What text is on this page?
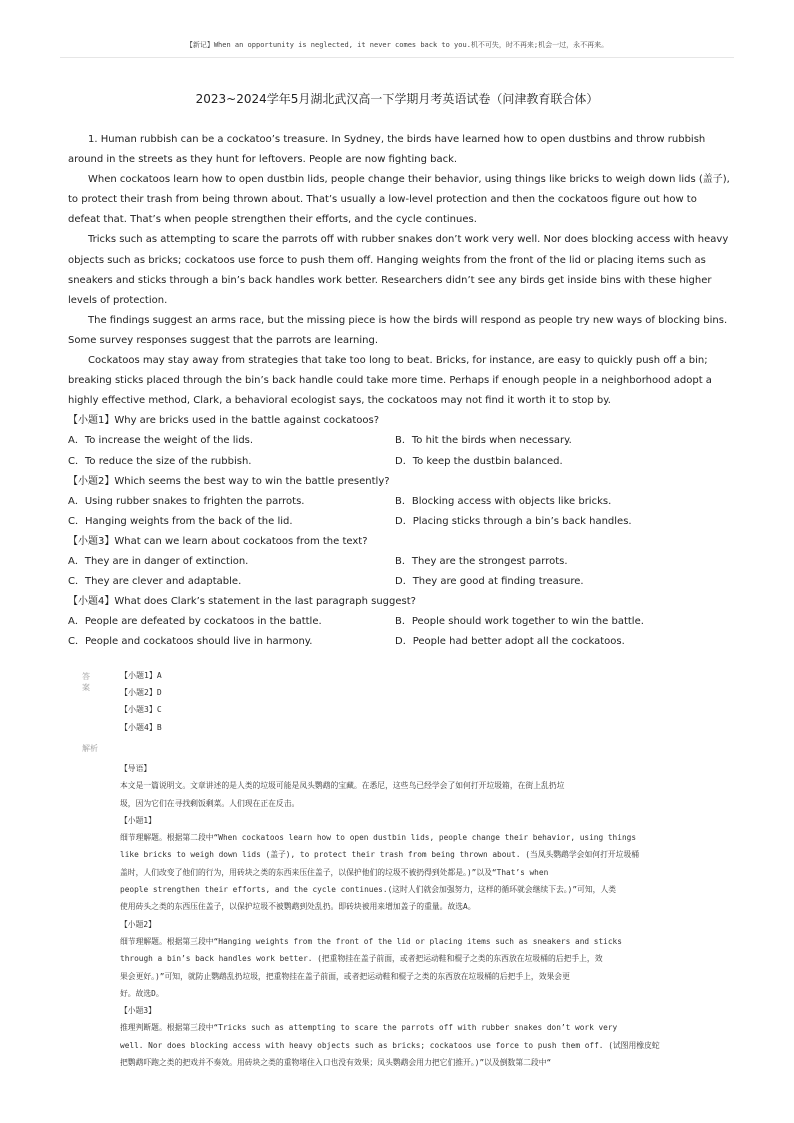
【新记】When an opportunity is neglected, it never comes back to you.机不可失，时不再来;机会一过，永不再来。
2023~2024学年5月湖北武汉高一下学期月考英语试卷（问津教育联合体）

1. Human rubbish can be a cockatoo’s treasure. In Sydney, the birds have learned how to open dustbins and throw rubbish around in the streets as they hunt for leftovers. People are now fighting back.

When cockatoos learn how to open dustbin lids, people change their behavior, using things like bricks to weigh down lids (盖子), to protect their trash from being thrown about. That’s usually a low-level protection and then the cockatoos figure out how to defeat that. That’s when people strengthen their efforts, and the cycle continues.

Tricks such as attempting to scare the parrots off with rubber snakes don’t work very well. Nor does blocking access with heavy objects such as bricks; cockatoos use force to push them off. Hanging weights from the front of the lid or placing items such as sneakers and sticks through a bin’s back handles work better. Researchers didn’t see any birds get inside bins with these higher levels of protection.

The findings suggest an arms race, but the missing piece is how the birds will respond as people try new ways of blocking bins. Some survey responses suggest that the parrots are learning.

Cockatoos may stay away from strategies that take too long to beat. Bricks, for instance, are easy to quickly push off a bin; breaking sticks placed through the bin’s back handle could take more time. Perhaps if enough people in a neighborhood adopt a highly effective method, Clark, a behavioral ecologist says, the cockatoos may not find it worth it to stop by.

【小题1】Why are bricks used in the battle against cockatoos?
A．To increase the weight of the lids.	B．To hit the birds when necessary.
C．To reduce the size of the rubbish.	D．To keep the dustbin balanced.
【小题2】Which seems the best way to win the battle presently?
A．Using rubber snakes to frighten the parrots.	B．Blocking access with objects like bricks.
C．Hanging weights from the back of the lid.	D．Placing sticks through a bin’s back handles.
【小题3】What can we learn about cockatoos from the text?
A．They are in danger of extinction.	B．They are the strongest parrots.
C．They are clever and adaptable.	D．They are good at finding treasure.
【小题4】What does Clark’s statement in the last paragraph suggest?
A．People are defeated by cockatoos in the battle.	B．People should work together to win the battle.
C．People and cockatoos should live in harmony.	D．People had better adopt all the cockatoos.
答案
【小题1】A
【小题2】D
【小题3】C
【小题4】B
解析
【导语】
本文是一篇说明文。文章讲述的是人类的垃圾可能是凤头鹦鹉的宝藏。在悉尼，这些鸟已经学会了如何打开垃圾箱，在街上乱扔垃
圾，因为它们在寻找剩饭剩菜。人们现在正在反击。
【小题1】
细节理解题。根据第二段中“When cockatoos learn how to open dustbin lids, people change their behavior, using things
like bricks to weigh down lids (盖子), to protect their trash from being thrown about. (当凤头鹦鹉学会如何打开垃圾桶
盖时，人们改变了他们的行为，用砖块之类的东西来压住盖子，以保护他们的垃圾不被扔得到处都是。)”以及“That’s when
people strengthen their efforts, and the cycle continues.(这时人们就会加强努力，这样的循环就会继续下去。)”可知，人类
使用砖头之类的东西压住盖子，以保护垃圾不被鹦鹉到处乱扔。即砖块被用来增加盖子的重量。故选A。
【小题2】
细节理解题。根据第三段中“Hanging weights from the front of the lid or placing items such as sneakers and sticks
through a bin’s back handles work better. (把重物挂在盖子前面，或者把运动鞋和棍子之类的东西放在垃圾桶的后把手上，效
果会更好。)”可知，就防止鹦鹉乱扔垃圾，把重物挂在盖子前面，或者把运动鞋和棍子之类的东西放在垃圾桶的后把手上，效果会更
好。故选D。
【小题3】
推理判断题。根据第三段中“Tricks such as attempting to scare the parrots off with rubber snakes don’t work very
well. Nor does blocking access with heavy objects such as bricks; cockatoos use force to push them off. (试图用橡皮蛇
把鹦鹉吓跑之类的把戏并不奏效。用砖块之类的重物堵住入口也没有效果；凤头鹦鹉会用力把它们推开。)”以及倒数第二段中“
